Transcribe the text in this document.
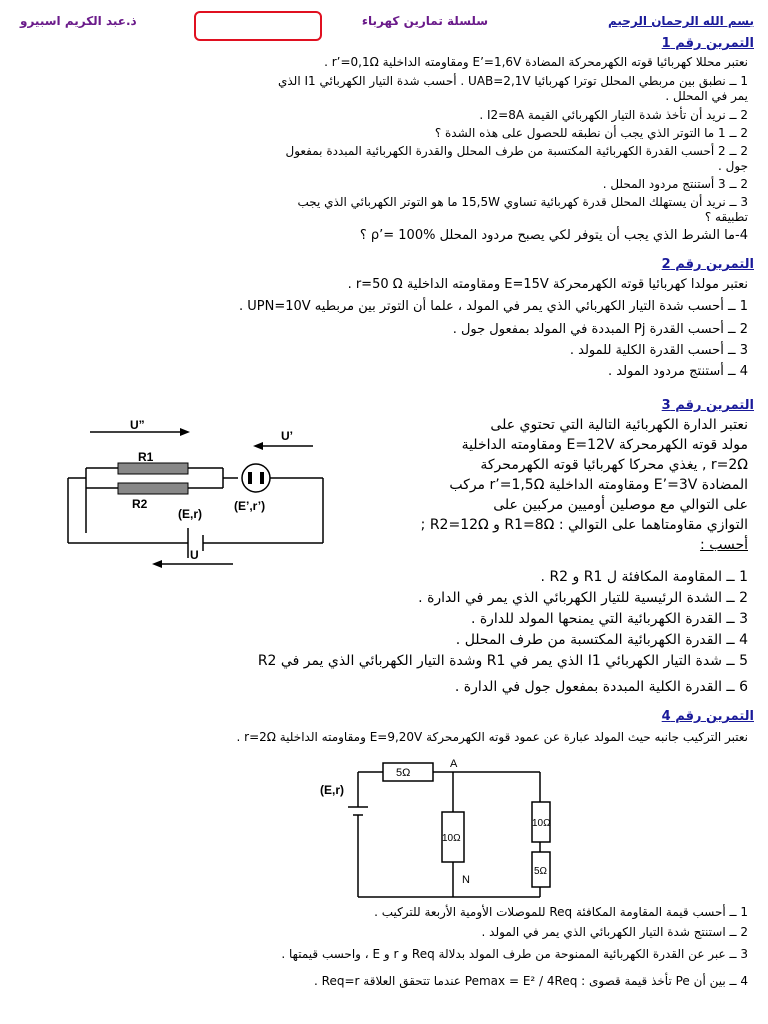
بسم الله الرحمان الرحيم
سلسلة تمارين كهرباء
ذ.عبد الكريم اسبيرو
التمرين رقم 1
نعتبر محللا كهربائيا قوته الكهرمحركة المضادة E’=1,6V ومقاومته الداخلية r’=0,1Ω .
1 ــ نطبق بين مربطي المحلل توترا كهربائيا UAB=2,1V . أحسب شدة التيار الكهربائي I1 الذي
يمر في المحلل .
2 ــ نريد أن تأخذ شدة التيار الكهربائي القيمة I2=8A .
2 ــ 1 ما التوتر الذي يجب أن نطبقه للحصول على هذه الشدة ؟
2 ــ 2 أحسب القدرة الكهربائية المكتسبة من طرف المحلل والقدرة الكهربائية المبددة بمفعول
جول .
2 ــ 3 أستنتج مردود المحلل .
3 ــ نريد أن يستهلك المحلل قدرة كهربائية تساوي 15,5W ما هو التوتر الكهربائي الذي يجب
تطبيقه ؟
4-ما الشرط الذي يجب أن يتوفر لكي يصبح مردود المحلل ρ’= 100% ؟
التمرين رقم 2
نعتبر مولدا كهربائيا قوته الكهرمحركة E=15V ومقاومته الداخلية r=50 Ω .
1 ــ أحسب شدة التيار الكهربائي الذي يمر في المولد ، علما أن التوتر بين مربطيه UPN=10V .
2 ــ أحسب القدرة Pj المبددة في المولد بمفعول جول .
3 ــ أحسب القدرة الكلية للمولد .
4 ــ أستنتج مردود المولد .
التمرين رقم 3
نعتبر الدارة الكهربائية التالية التي تحتوي على
مولد قوته الكهرمحركة E=12V ومقاومته الداخلية
r=2Ω , يغذي محركا كهربائيا قوته الكهرمحركة
المضادة E’=3V ومقاومته الداخلية r’=1,5Ω مركب
على التوالي مع موصلين أوميين مركبين على
التوازي مقاومتاهما على التوالي : R1=8Ω و R2=12Ω ;
أحسب :
U”
U’
R1
R2	(E’,r’)
(E,r)
U
1 ــ المقاومة المكافئة ل R1 و R2 .
2 ــ الشدة الرئيسية للتيار الكهربائي الذي يمر في الدارة .
3 ــ القدرة الكهربائية التي يمنحها المولد للدارة .
4 ــ القدرة الكهربائية المكتسبة من طرف المحلل .
5 ــ شدة التيار الكهربائي I1 الذي يمر في R1 وشدة التيار الكهربائي الذي يمر في R2
6 ــ القدرة الكلية المبددة بمفعول جول في الدارة .
التمرين رقم 4
نعتبر التركيب جانبه حيث المولد عبارة عن عمود قوته الكهرمحركة E=9,20V ومقاومته الداخلية r=2Ω .
5Ω
10Ω
10Ω
5Ω
(E,r)
A
N
1 ــ أحسب قيمة المقاومة المكافئة Req للموصلات الأومية الأربعة للتركيب .
2 ــ استنتج شدة التيار الكهربائي الذي يمر في المولد .
3 ــ عبر عن القدرة الكهربائية الممنوحة من طرف المولد بدلالة Req و r و E ، واحسب قيمتها .
4 ــ بين أن Pe تأخذ قيمة قصوى : Pemax = E² / 4Req عندما تتحقق العلاقة Req=r .
